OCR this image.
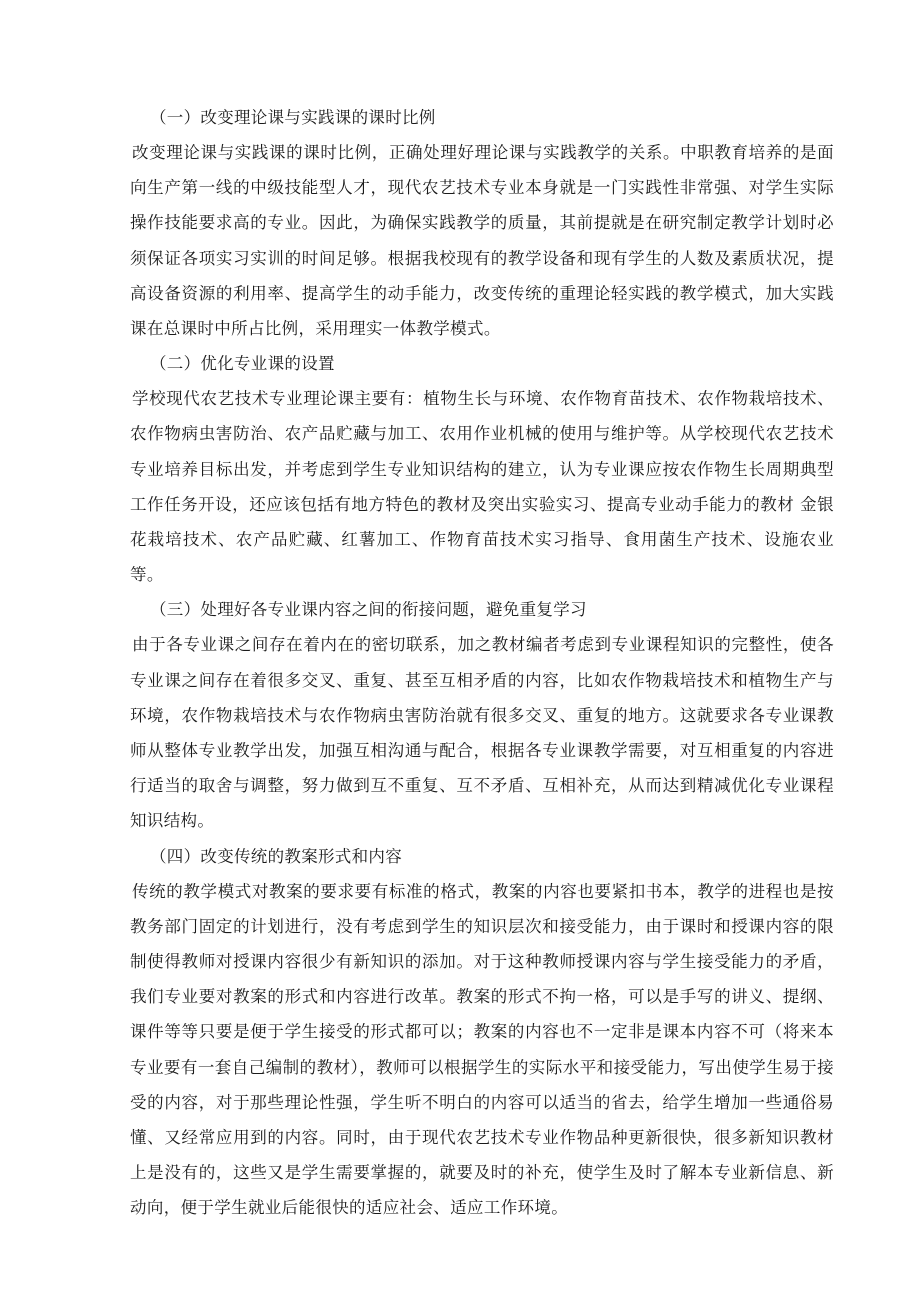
（一）改变理论课与实践课的课时比例

改变理论课与实践课的课时比例，正确处理好理论课与实践教学的关系。中职教育培养的是面向生产第一线的中级技能型人才，现代农艺技术专业本身就是一门实践性非常强、对学生实际操作技能要求高的专业。因此，为确保实践教学的质量，其前提就是在研究制定教学计划时必须保证各项实习实训的时间足够。根据我校现有的教学设备和现有学生的人数及素质状况，提高设备资源的利用率、提高学生的动手能力，改变传统的重理论轻实践的教学模式，加大实践课在总课时中所占比例，采用理实一体教学模式。

（二）优化专业课的设置

学校现代农艺技术专业理论课主要有：植物生长与环境、农作物育苗技术、农作物栽培技术、农作物病虫害防治、农产品贮藏与加工、农用作业机械的使用与维护等。从学校现代农艺技术专业培养目标出发，并考虑到学生专业知识结构的建立，认为专业课应按农作物生长周期典型工作任务开设，还应该包括有地方特色的教材及突出实验实习、提高专业动手能力的教材 金银花栽培技术、农产品贮藏、红薯加工、作物育苗技术实习指导、食用菌生产技术、设施农业等。

（三）处理好各专业课内容之间的衔接问题，避免重复学习

由于各专业课之间存在着内在的密切联系，加之教材编者考虑到专业课程知识的完整性，使各专业课之间存在着很多交叉、重复、甚至互相矛盾的内容，比如农作物栽培技术和植物生产与环境，农作物栽培技术与农作物病虫害防治就有很多交叉、重复的地方。这就要求各专业课教师从整体专业教学出发，加强互相沟通与配合，根据各专业课教学需要，对互相重复的内容进行适当的取舍与调整，努力做到互不重复、互不矛盾、互相补充，从而达到精减优化专业课程知识结构。

（四）改变传统的教案形式和内容

传统的教学模式对教案的要求要有标准的格式，教案的内容也要紧扣书本，教学的进程也是按教务部门固定的计划进行，没有考虑到学生的知识层次和接受能力，由于课时和授课内容的限制使得教师对授课内容很少有新知识的添加。对于这种教师授课内容与学生接受能力的矛盾，我们专业要对教案的形式和内容进行改革。教案的形式不拘一格，可以是手写的讲义、提纲、课件等等只要是便于学生接受的形式都可以；教案的内容也不一定非是课本内容不可（将来本专业要有一套自己编制的教材），教师可以根据学生的实际水平和接受能力，写出使学生易于接受的内容，对于那些理论性强，学生听不明白的内容可以适当的省去，给学生增加一些通俗易懂、又经常应用到的内容。同时，由于现代农艺技术专业作物品种更新很快，很多新知识教材上是没有的，这些又是学生需要掌握的，就要及时的补充，使学生及时了解本专业新信息、新动向，便于学生就业后能很快的适应社会、适应工作环境。
